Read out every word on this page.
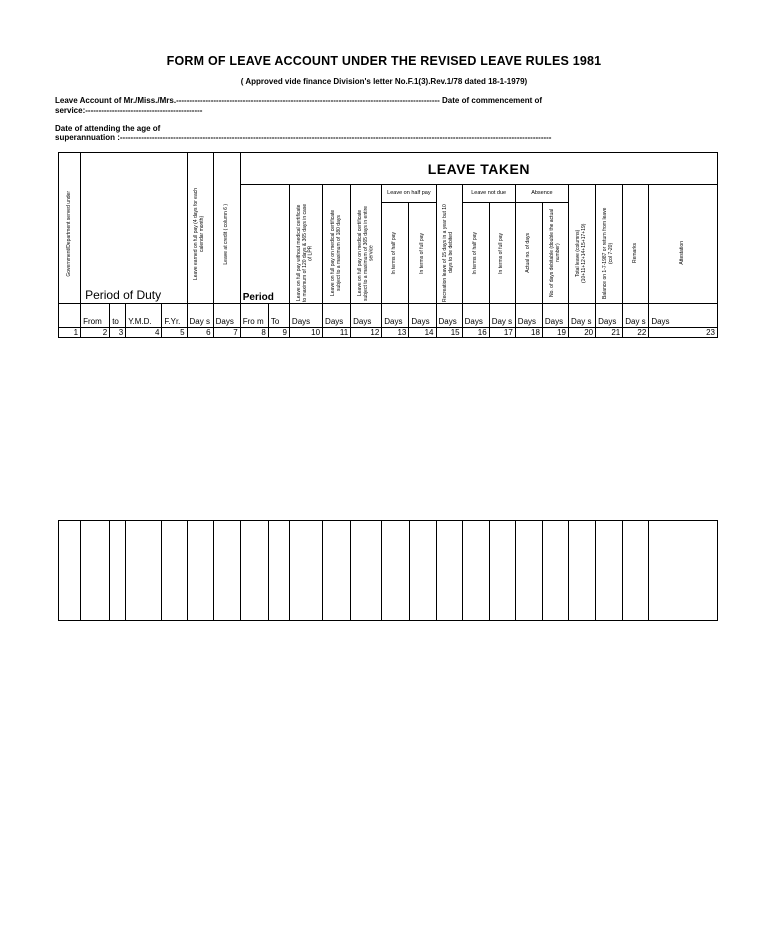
FORM OF LEAVE ACCOUNT UNDER THE REVISED LEAVE RULES 1981
( Approved vide finance Division's letter No.F.1(3).Rev.1/78 dated 18-1-1979)
Leave Account of Mr./Miss./Mrs.--------------------------------------------------------------------------------------------------- Date of commencement of
service:--------------------------------------------
Date of attending the age of
superannuation :------------------------------------------------------------------------------------------------------------------------------------------------------------------
Government/Department served under	Period of Duty				Leave earned on full pay (4 days for each calendar month)	Leave at credit ( column 6 )	LEAVE TAKEN															
							Period		Leave on full pay without medical certificate to maximum of 120 days & 365 days in case of LPR	Leave on full pay on medical certificate subject to a maximum of 180 days	Leave on full pay on medical certificate subject to a maximum of 365 days in entire service	Leave on half pay		Recreation leave of 15 days in a year but 10 days to be debited	Leave not due		Absence		Total leave (columns) (10+11+12+14+15+17+19)	Balance on 1-7-1987 or return from leave (col 7-20)	Remarks	Attestation

												In terms of half pay	In terms of full pay		In terms of half pay	In terms of full pay	Actual no. of days	No. of days debitable (double the actual number)				

	From	to	Y.M.D.	F.Yr.	Day s	Days	Fro m	To	Days	Days	Days	Days	Days	Days	Days	Day s	Days	Days	Day s	Days	Day s	Days
1	2	3	4	5	6	7	8	9	10	11	12	13	14	15	16	17	18	19	20	21	22	23
